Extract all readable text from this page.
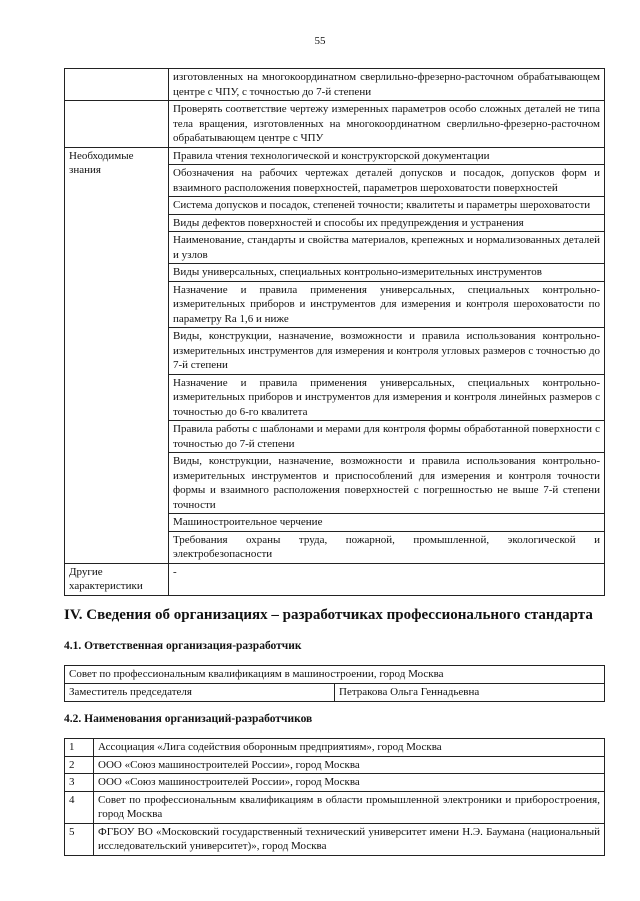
55
	изготовленных на многокоординатном сверлильно-фрезерно-расточном обрабатывающем центре с ЧПУ, с точностью до 7-й степени
	Проверять соответствие чертежу измеренных параметров особо сложных деталей не типа тела вращения, изготовленных на многокоординатном сверлильно-фрезерно-расточном обрабатывающем центре с ЧПУ
Необходимые знания	Правила чтения технологической и конструкторской документации
	Обозначения на рабочих чертежах деталей допусков и посадок, допусков форм и взаимного расположения поверхностей, параметров шероховатости поверхностей
	Система допусков и посадок, степеней точности; квалитеты и параметры шероховатости
	Виды дефектов поверхностей и способы их предупреждения и устранения
	Наименование, стандарты и свойства материалов, крепежных и нормализованных деталей и узлов
	Виды универсальных, специальных контрольно-измерительных инструментов
	Назначение и правила применения универсальных, специальных контрольно-измерительных приборов и инструментов для измерения и контроля шероховатости по параметру Ra 1,6 и ниже
	Виды, конструкции, назначение, возможности и правила использования контрольно-измерительных инструментов для измерения и контроля угловых размеров с точностью до 7-й степени
	Назначение и правила применения универсальных, специальных контрольно-измерительных приборов и инструментов для измерения и контроля линейных размеров с точностью до 6-го квалитета
	Правила работы с шаблонами и мерами для контроля формы обработанной поверхности с точностью до 7-й степени
	Виды, конструкции, назначение, возможности и правила использования контрольно-измерительных инструментов и приспособлений для измерения и контроля точности формы и взаимного расположения поверхностей с погрешностью не выше 7-й степени точности
	Машиностроительное черчение
	Требования охраны труда, пожарной, промышленной, экологической и электробезопасности
Другие характеристики	-
IV. Сведения об организациях – разработчиках профессионального стандарта
4.1. Ответственная организация-разработчик
Совет по профессиональным квалификациям в машиностроении, город Москва
Заместитель председателя	Петракова Ольга Геннадьевна
4.2. Наименования организаций-разработчиков
1	Ассоциация «Лига содействия оборонным предприятиям», город Москва
2	ООО «Союз машиностроителей России», город Москва
3	ООО «Союз машиностроителей России», город Москва
4	Совет по профессиональным квалификациям в области промышленной электроники и приборостроения, город Москва
5	ФГБОУ ВО «Московский государственный технический университет имени Н.Э. Баумана (национальный исследовательский университет)», город Москва
